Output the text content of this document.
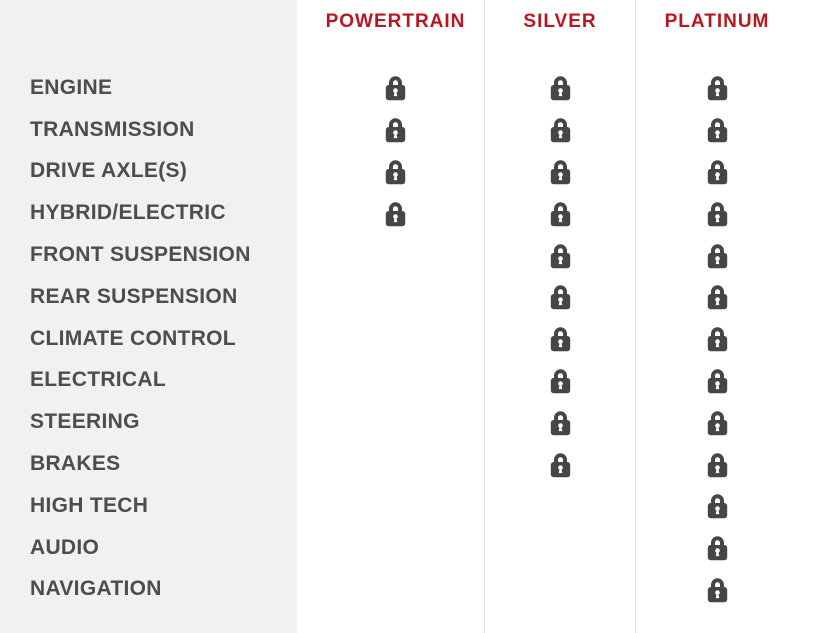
ENGINE
TRANSMISSION
DRIVE AXLE(S)
HYBRID/ELECTRIC
FRONT SUSPENSION
REAR SUSPENSION
CLIMATE CONTROL
ELECTRICAL
STEERING
BRAKES
HIGH TECH
AUDIO
NAVIGATION
POWERTRAIN	SILVER	PLATINUM
